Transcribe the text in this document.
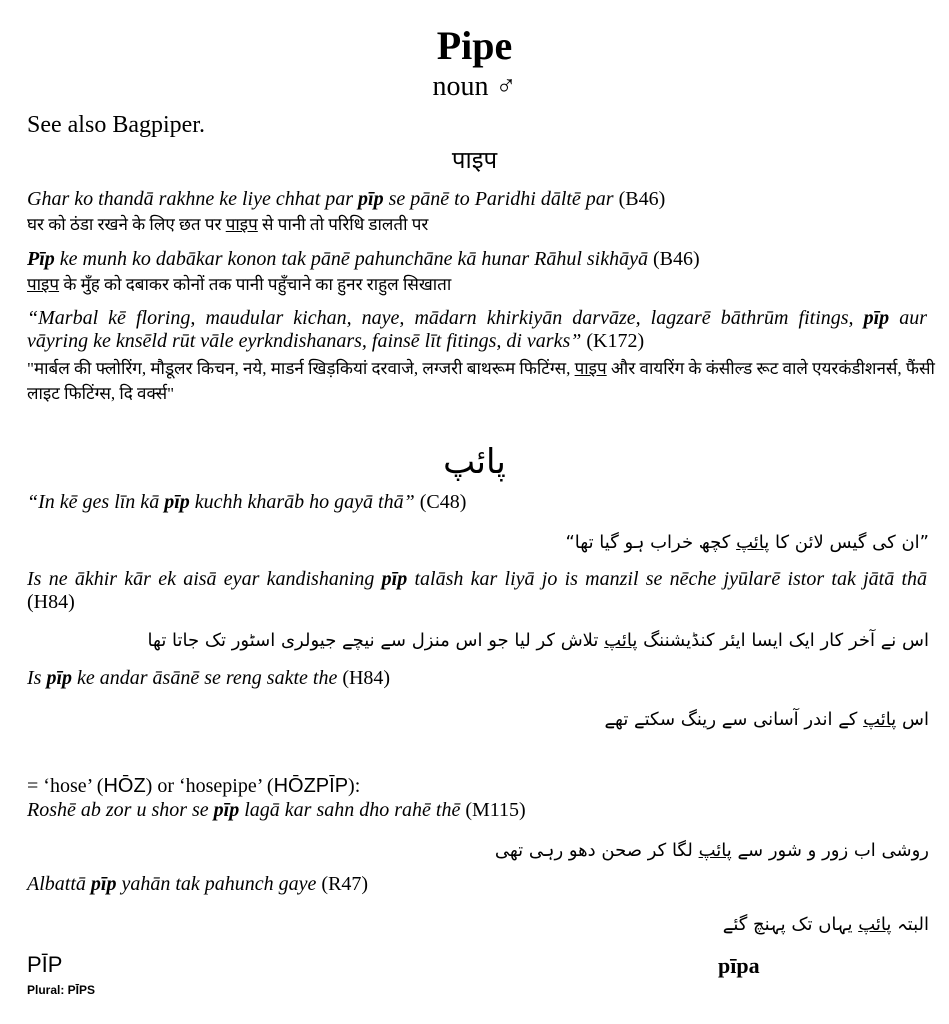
Pipe
noun ♂
See also Bagpiper.
पाइप
Ghar ko thandā rakhne ke liye chhat par pīp se pānē to Paridhi dāltē par (B46)
घर को ठंडा रखने के लिए छत पर पाइप से पानी तो परिधि डालती पर
Pīp ke munh ko dabākar konon tak pānē pahunchāne kā hunar Rāhul sikhāyā (B46)
पाइप के मुँह को दबाकर कोनों तक पानी पहुँचाने का हुनर राहुल सिखाता
“Marbal kē floring, maudular kichan, naye, mādarn khirkiyān darvāze, lagzarē bāthrūm fitings, pīp aur vāyring ke knsēld rūt vāle eyrkndishanars, fainsē līt fitings, di varks” (K172)
"मार्बल की फ्लोरिंग, मौडूलर किचन, नये, माडर्न खिड़कियां दरवाजे, लग्जरी बाथरूम फिटिंग्स, पाइप और वायरिंग के कंसील्ड रूट वाले एयरकंडीशनर्स, फैंसी लाइट फिटिंग्स, दि वर्क्स"
پائپ
“In kē ges līn kā pīp kuchh kharāb ho gayā thā” (C48)
”ان کی گیس لائن کا پائپ کچھ خراب ہو گیا تھا“
Is ne ākhir kār ek aisā eyar kandishaning pīp talāsh kar liyā jo is manzil se nēche jyūlarē istor tak jātā thā (H84)
اس نے آخر کار ایک ایسا ایئر کنڈیشننگ پائپ تلاش کر لیا جو اس منزل سے نیچے جیولری اسٹور تک جاتا تھا
Is pīp ke andar āsānē se reng sakte the (H84)
اس پائپ کے اندر آسانی سے رینگ سکتے تھے
= ‘hose’ (HŌZ) or ‘hosepipe’ (HŌZPĪP):
Roshē ab zor u shor se pīp lagā kar sahn dho rahē thē (M115)
روشی اب زور و شور سے پائپ لگا کر صحن دھو رہی تھی
Albattā pīp yahān tak pahunch gaye (R47)
البتہ پائپ یہاں تک پہنچ گئے
PĪP
Plural: PĪPS
pīpa
